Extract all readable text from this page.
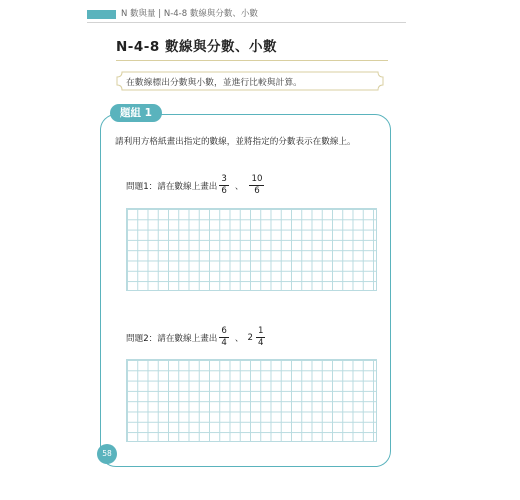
N 數與量 | N-4-8 數線與分數、小數
N-4-8 數線與分數、小數
在數線標出分數與小數，並進行比較與計算。
題組 1
請利用方格紙畫出指定的數線，並將指定的分數表示在數線上。
問題1：請在數線上畫出 $\frac{3}{6}$ 、 $\frac{10}{6}$
問題2：請在數線上畫出 $\frac{6}{4}$ 、 $2 \frac{1}{4}$
58
